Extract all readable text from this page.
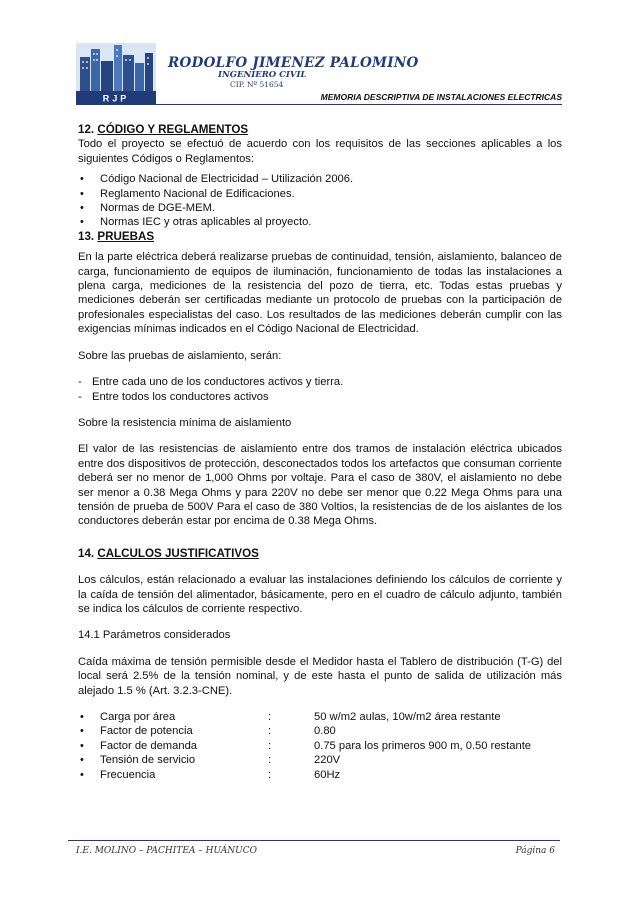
RJP
RODOLFO JIMENEZ PALOMINO
INGENIERO CIVIL
CIP. Nº 51654
MEMORIA DESCRIPTIVA DE INSTALACIONES ELECTRICAS

12. CÓDIGO Y REGLAMENTOS

Todo el proyecto se efectuó de acuerdo con los requisitos de las secciones aplicables a los siguientes Códigos o Reglamentos:

• Código Nacional de Electricidad – Utilización 2006.
• Reglamento Nacional de Edificaciones.
• Normas de DGE-MEM.
• Normas IEC y otras aplicables al proyecto.

13. PRUEBAS

En la parte eléctrica deberá realizarse pruebas de continuidad, tensión, aislamiento, balanceo de carga, funcionamiento de equipos de iluminación, funcionamiento de todas las instalaciones a plena carga, mediciones de la resistencia del pozo de tierra, etc. Todas estas pruebas y mediciones deberán ser certificadas mediante un protocolo de pruebas con la participación de profesionales especialistas del caso. Los resultados de las mediciones deberán cumplir con las exigencias mínimas indicados en el Código Nacional de Electricidad.

Sobre las pruebas de aislamiento, serán:

- Entre cada uno de los conductores activos y tierra.
- Entre todos los conductores activos

Sobre la resistencia mínima de aislamiento

El valor de las resistencias de aislamiento entre dos tramos de instalación eléctrica ubicados entre dos dispositivos de protección, desconectados todos los artefactos que consuman corriente deberá ser no menor de 1,000 Ohms por voltaje. Para el caso de 380V, el aislamiento no debe ser menor a 0.38 Mega Ohms y para 220V no debe ser menor que 0.22 Mega Ohms para una tensión de prueba de 500V Para el caso de 380 Voltios, la resistencias de de los aislantes de los conductores deberán estar por encima de 0.38 Mega Ohms.

14. CALCULOS JUSTIFICATIVOS

Los cálculos, están relacionado a evaluar las instalaciones definiendo los cálculos de corriente y la caída de tensión del alimentador, básicamente, pero en el cuadro de cálculo adjunto, también se indica los cálculos de corriente respectivo.

14.1 Parámetros considerados

Caída máxima de tensión permisible desde el Medidor hasta el Tablero de distribución (T-G) del local será 2.5% de la tensión nominal, y de este hasta el punto de salida de utilización más alejado 1.5 % (Art. 3.2.3-CNE).

• Carga por área	:	50 w/m2 aulas, 10w/m2 área restante
• Factor de potencia	:	0.80
• Factor de demanda	:	0.75 para los primeros 900 m, 0.50 restante
• Tensión de servicio	:	220V
• Frecuencia	:	60Hz
I.E. MOLINO – PACHITEA – HUÁNUCO	Página 6
